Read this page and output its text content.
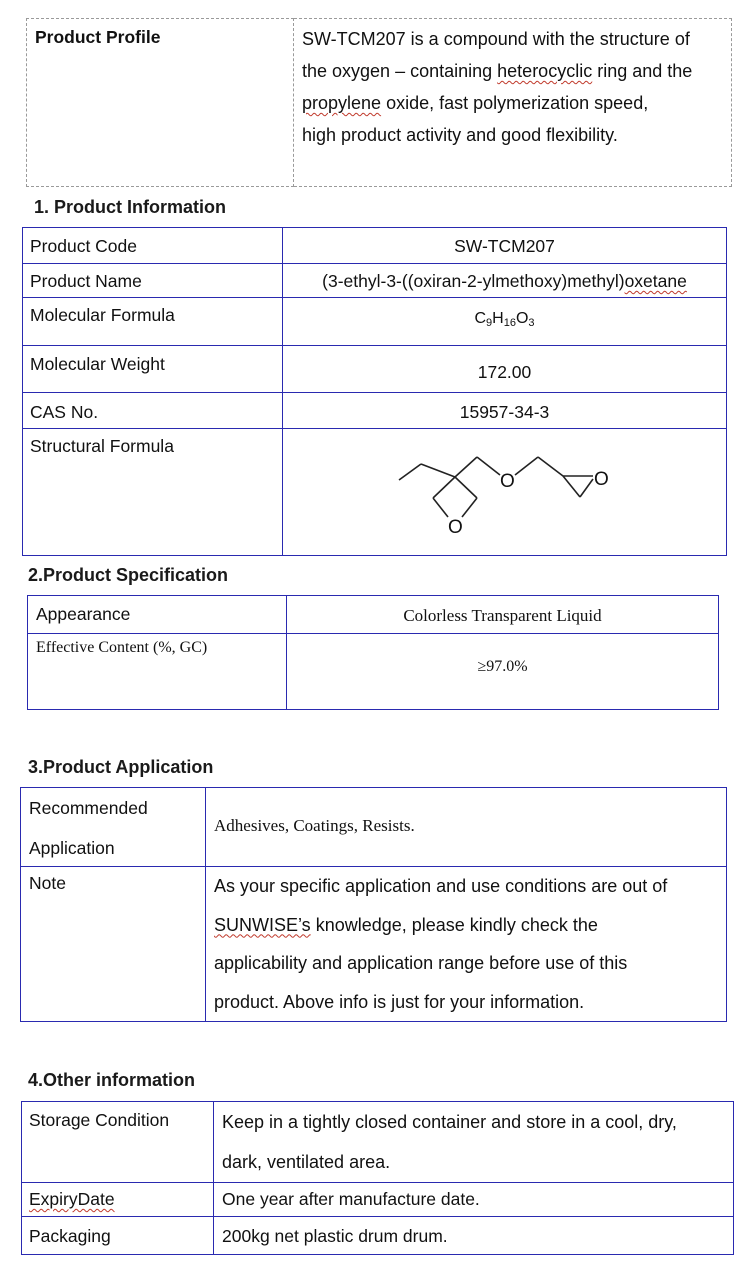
Product Profile	SW-TCM207 is a compound with the structure of
the oxygen – containing heterocyclic ring and the
propylene oxide, fast polymerization speed,
high product activity and good flexibility.
1. Product Information
Product Code	SW-TCM207
Product Name	(3-ethyl-3-((oxiran-2-ylmethoxy)methyl)oxetane
Molecular Formula	$C_9H_{16}O_3$
Molecular Weight	172.00
CAS No.	15957-34-3
Structural Formula	O
O O
2.Product Specification
Appearance	Colorless Transparent Liquid
Effective Content (%, GC)	≥97.0%
3.Product Application
Recommended
Application	Adhesives, Coatings, Resists.
Note	As your specific application and use conditions are out of
SUNWISE’s knowledge, please kindly check the
applicability and application range before use of this
product. Above info is just for your information.
4.Other information
Storage Condition	Keep in a tightly closed container and store in a cool, dry,
dark, ventilated area.

ExpiryDate	One year after manufacture date.
Packaging	200kg net plastic drum drum.
